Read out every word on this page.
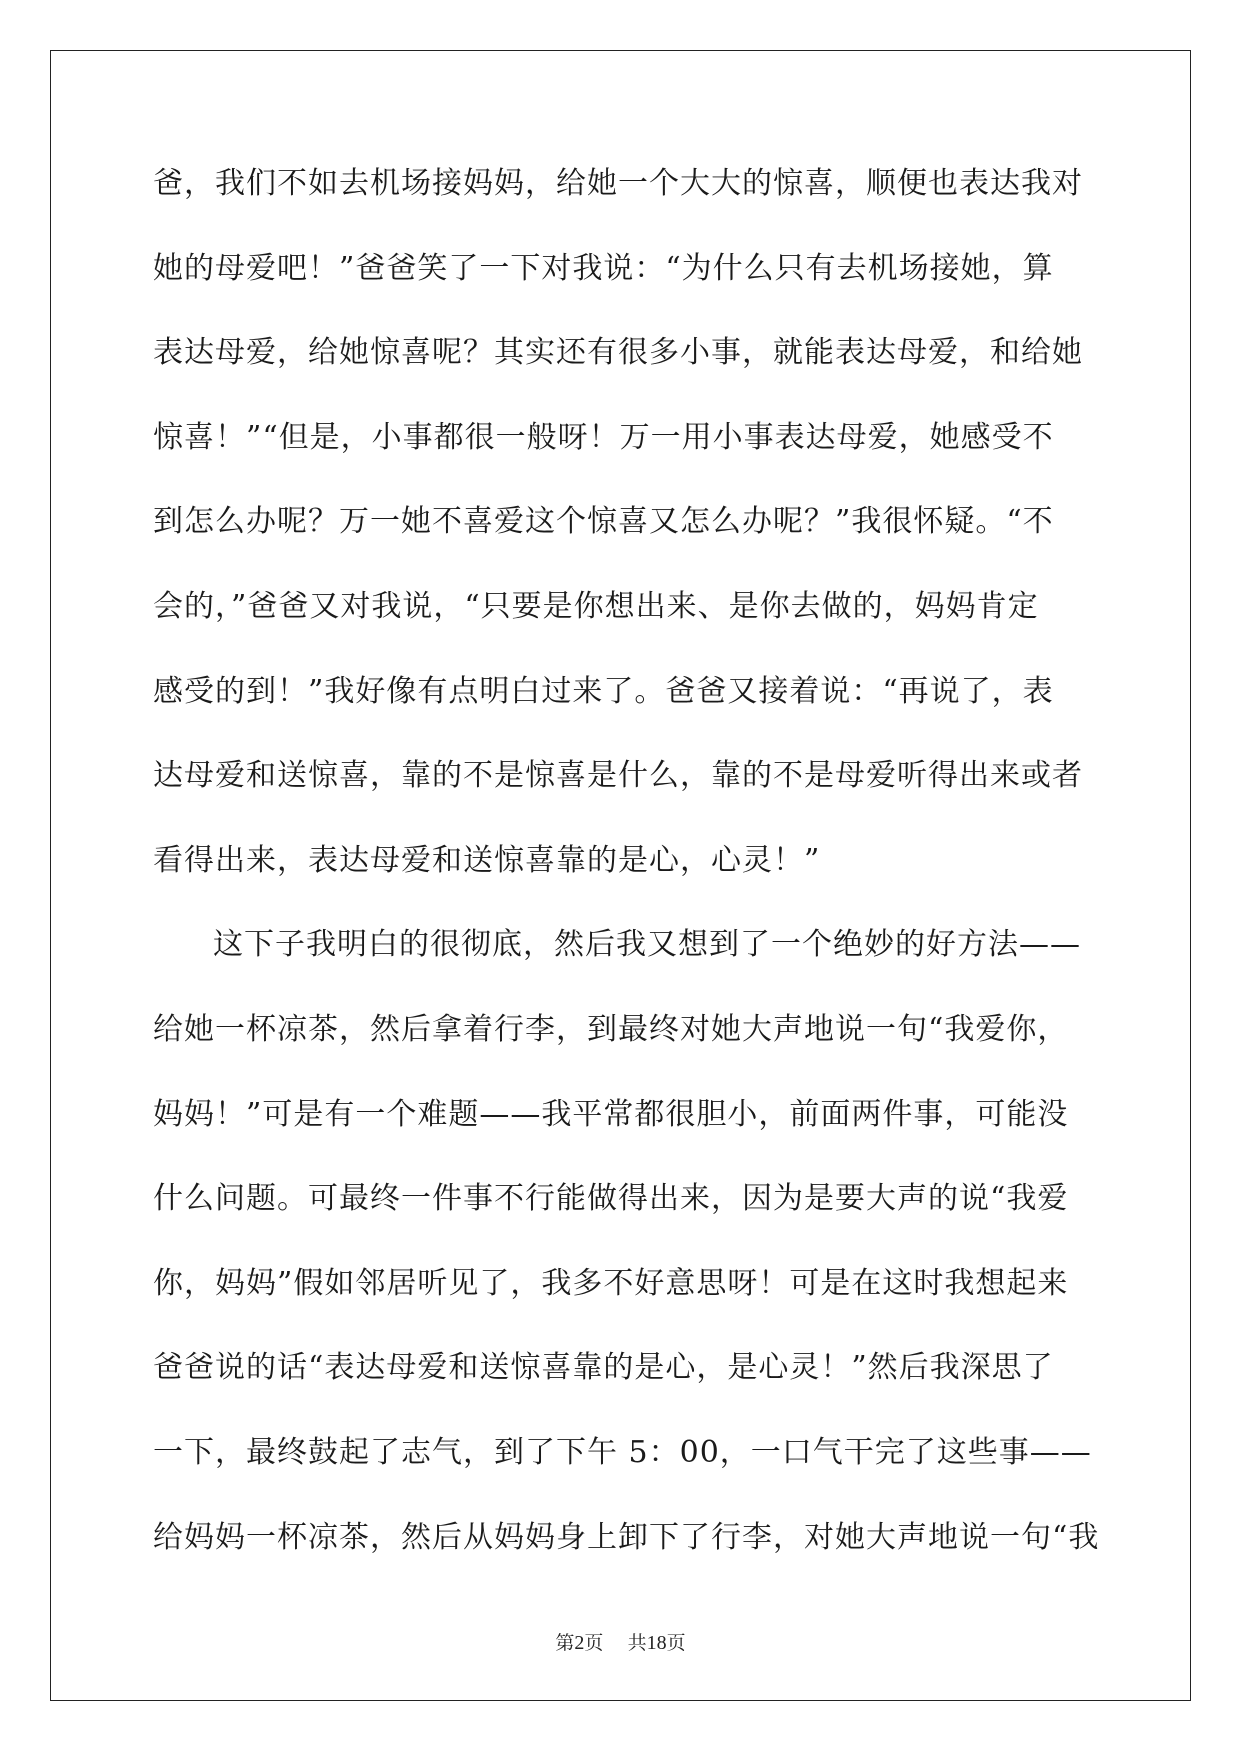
爸，我们不如去机场接妈妈，给她一个大大的惊喜，顺便也表达我对
她的母爱吧！”爸爸笑了一下对我说：“为什么只有去机场接她，算
表达母爱，给她惊喜呢？其实还有很多小事，就能表达母爱，和给她
惊喜！”“但是，小事都很一般呀！万一用小事表达母爱，她感受不
到怎么办呢？万一她不喜爱这个惊喜又怎么办呢？”我很怀疑。“不
会的，”爸爸又对我说，“只要是你想出来、是你去做的，妈妈肯定
感受的到！”我好像有点明白过来了。爸爸又接着说：“再说了，表
达母爱和送惊喜，靠的不是惊喜是什么，靠的不是母爱听得出来或者
看得出来，表达母爱和送惊喜靠的是心，心灵！”
这下子我明白的很彻底，然后我又想到了一个绝妙的好方法——
给她一杯凉茶，然后拿着行李，到最终对她大声地说一句“我爱你，
妈妈！”可是有一个难题——我平常都很胆小，前面两件事，可能没
什么问题。可最终一件事不行能做得出来，因为是要大声的说“我爱
你，妈妈”假如邻居听见了，我多不好意思呀！可是在这时我想起来
爸爸说的话“表达母爱和送惊喜靠的是心，是心灵！”然后我深思了
一下，最终鼓起了志气，到了下午 5：00，一口气干完了这些事——
给妈妈一杯凉茶，然后从妈妈身上卸下了行李，对她大声地说一句“我
第2页 共18页
